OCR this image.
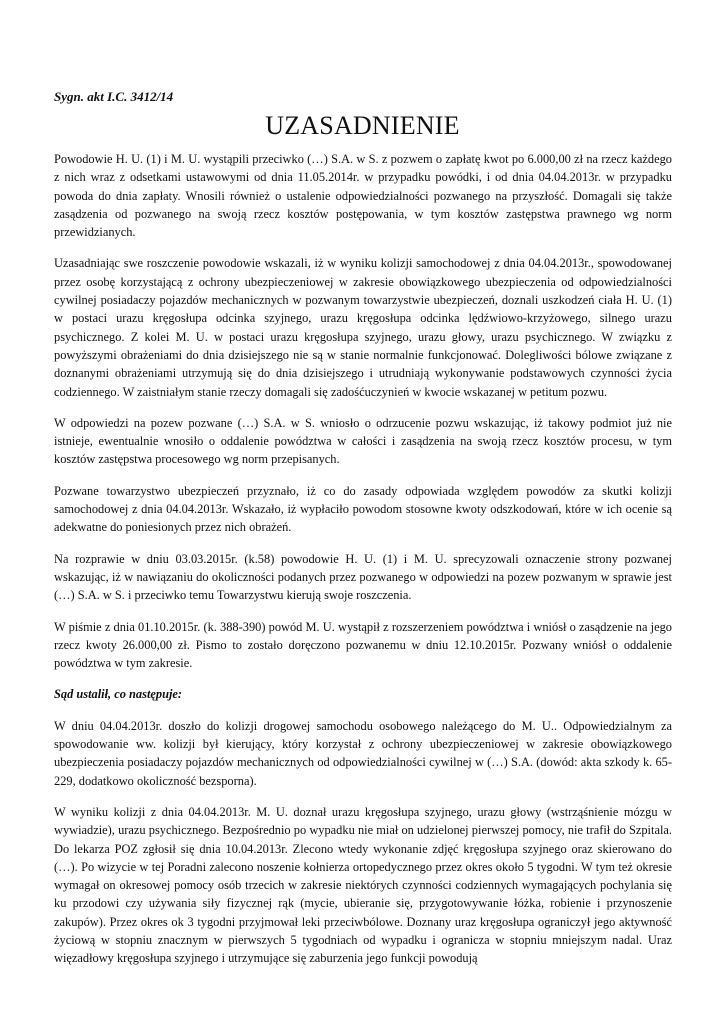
Sygn. akt I.C. 3412/14

UZASADNIENIE

Powodowie H. U. (1) i M. U. wystąpili przeciwko (…) S.A. w S. z pozwem o zapłatę kwot po 6.000,00 zł na rzecz każdego z nich wraz z odsetkami ustawowymi od dnia 11.05.2014r. w przypadku powódki, i od dnia 04.04.2013r. w przypadku powoda do dnia zapłaty. Wnosili również o ustalenie odpowiedzialności pozwanego na przyszłość. Domagali się także zasądzenia od pozwanego na swoją rzecz kosztów postępowania, w tym kosztów zastępstwa prawnego wg norm przewidzianych.

Uzasadniając swe roszczenie powodowie wskazali, iż w wyniku kolizji samochodowej z dnia 04.04.2013r., spowodowanej przez osobę korzystającą z ochrony ubezpieczeniowej w zakresie obowiązkowego ubezpieczenia od odpowiedzialności cywilnej posiadaczy pojazdów mechanicznych w pozwanym towarzystwie ubezpieczeń, doznali uszkodzeń ciała H. U. (1) w postaci urazu kręgosłupa odcinka szyjnego, urazu kręgosłupa odcinka lędźwiowo-krzyżowego, silnego urazu psychicznego. Z kolei M. U. w postaci urazu kręgosłupa szyjnego, urazu głowy, urazu psychicznego. W związku z powyższymi obrażeniami do dnia dzisiejszego nie są w stanie normalnie funkcjonować. Dolegliwości bólowe związane z doznanymi obrażeniami utrzymują się do dnia dzisiejszego i utrudniają wykonywanie podstawowych czynności życia codziennego. W zaistniałym stanie rzeczy domagali się zadośćuczynień w kwocie wskazanej w petitum pozwu.

W odpowiedzi na pozew pozwane (…) S.A. w S. wniosło o odrzucenie pozwu wskazując, iż takowy podmiot już nie istnieje, ewentualnie wnosiło o oddalenie powództwa w całości i zasądzenia na swoją rzecz kosztów procesu, w tym kosztów zastępstwa procesowego wg norm przepisanych.

Pozwane towarzystwo ubezpieczeń przyznało, iż co do zasady odpowiada względem powodów za skutki kolizji samochodowej z dnia 04.04.2013r. Wskazało, iż wypłaciło powodom stosowne kwoty odszkodowań, które w ich ocenie są adekwatne do poniesionych przez nich obrażeń.

Na rozprawie w dniu 03.03.2015r. (k.58) powodowie H. U. (1) i M. U. sprecyzowali oznaczenie strony pozwanej wskazując, iż w nawiązaniu do okoliczności podanych przez pozwanego w odpowiedzi na pozew pozwanym w sprawie jest (…) S.A. w S. i przeciwko temu Towarzystwu kierują swoje roszczenia.

W piśmie z dnia 01.10.2015r. (k. 388-390) powód M. U. wystąpił z rozszerzeniem powództwa i wniósł o zasądzenie na jego rzecz kwoty 26.000,00 zł. Pismo to zostało doręczono pozwanemu w dniu 12.10.2015r. Pozwany wniósł o oddalenie powództwa w tym zakresie.

Sąd ustalił, co następuje:

W dniu 04.04.2013r. doszło do kolizji drogowej samochodu osobowego należącego do M. U.. Odpowiedzialnym za spowodowanie ww. kolizji był kierujący, który korzystał z ochrony ubezpieczeniowej w zakresie obowiązkowego ubezpieczenia posiadaczy pojazdów mechanicznych od odpowiedzialności cywilnej w (…) S.A. (dowód: akta szkody k. 65-229, dodatkowo okoliczność bezsporna).

W wyniku kolizji z dnia 04.04.2013r. M. U. doznał urazu kręgosłupa szyjnego, urazu głowy (wstrząśnienie mózgu w wywiadzie), urazu psychicznego. Bezpośrednio po wypadku nie miał on udzielonej pierwszej pomocy, nie trafił do Szpitala. Do lekarza POZ zgłosił się dnia 10.04.2013r. Zlecono wtedy wykonanie zdjęć kręgosłupa szyjnego oraz skierowano do (…). Po wizycie w tej Poradni zalecono noszenie kołnierza ortopedycznego przez okres około 5 tygodni. W tym też okresie wymagał on okresowej pomocy osób trzecich w zakresie niektórych czynności codziennych wymagających pochylania się ku przodowi czy używania siły fizycznej rąk (mycie, ubieranie się, przygotowywanie łóżka, robienie i przynoszenie zakupów). Przez okres ok 3 tygodni przyjmował leki przeciwbólowe. Doznany uraz kręgosłupa ograniczył jego aktywność życiową w stopniu znacznym w pierwszych 5 tygodniach od wypadku i ogranicza w stopniu mniejszym nadal. Uraz więzadłowy kręgosłupa szyjnego i utrzymujące się zaburzenia jego funkcji powodują
